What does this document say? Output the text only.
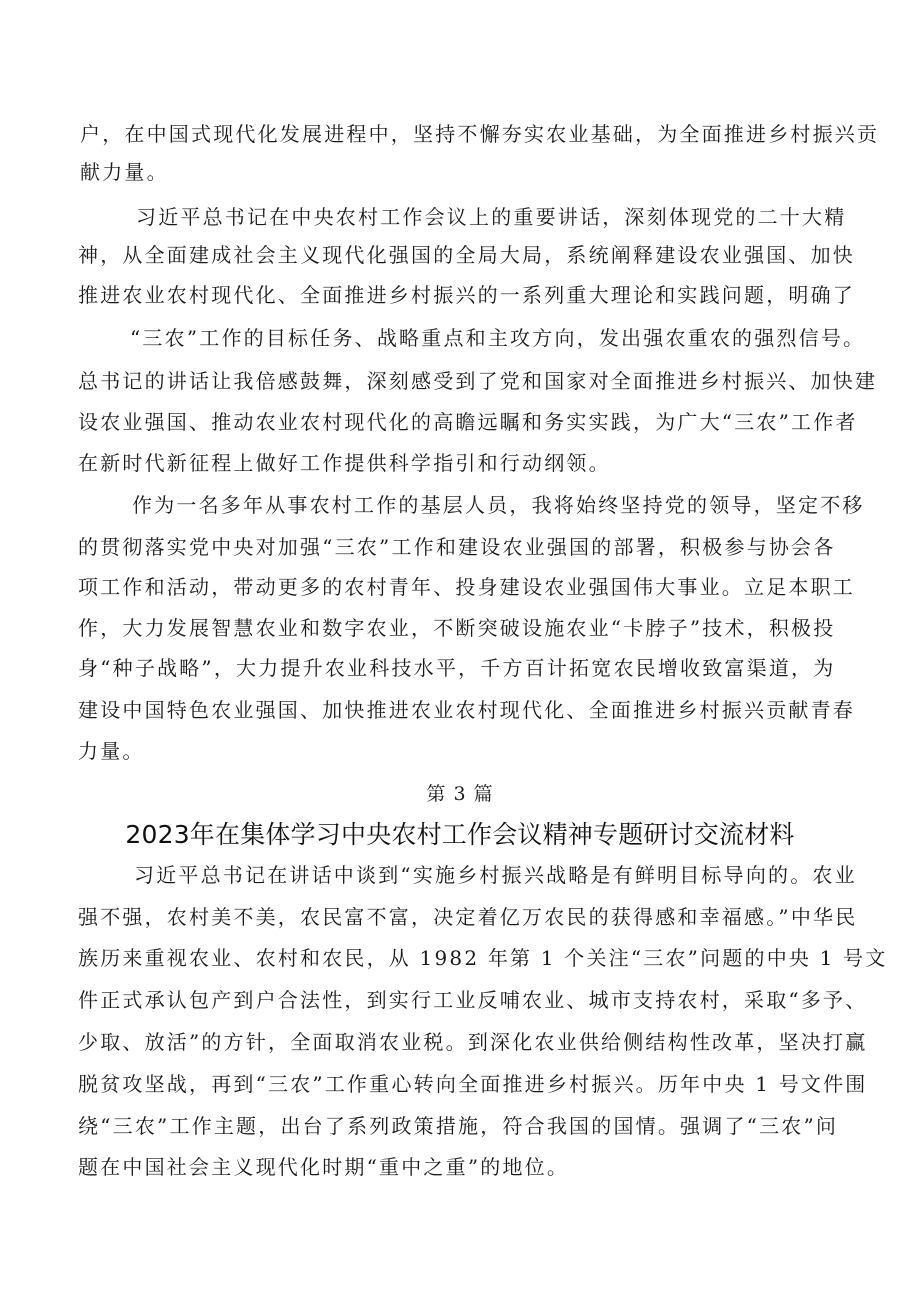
户，在中国式现代化发展进程中，坚持不懈夯实农业基础，为全面推进乡村振兴贡
献力量。
习近平总书记在中央农村工作会议上的重要讲话，深刻体现党的二十大精
神，从全面建成社会主义现代化强国的全局大局，系统阐释建设农业强国、加快
推进农业农村现代化、全面推进乡村振兴的一系列重大理论和实践问题，明确了
“三农”工作的目标任务、战略重点和主攻方向，发出强农重农的强烈信号。
总书记的讲话让我倍感鼓舞，深刻感受到了党和国家对全面推进乡村振兴、加快建
设农业强国、推动农业农村现代化的高瞻远瞩和务实实践，为广大“三农”工作者
在新时代新征程上做好工作提供科学指引和行动纲领。
作为一名多年从事农村工作的基层人员，我将始终坚持党的领导，坚定不移
的贯彻落实党中央对加强“三农”工作和建设农业强国的部署，积极参与协会各
项工作和活动，带动更多的农村青年、投身建设农业强国伟大事业。立足本职工
作，大力发展智慧农业和数字农业，不断突破设施农业“卡脖子”技术，积极投
身“种子战略”，大力提升农业科技水平，千方百计拓宽农民增收致富渠道，为
建设中国特色农业强国、加快推进农业农村现代化、全面推进乡村振兴贡献青春
力量。
第 3 篇
2023年在集体学习中央农村工作会议精神专题研讨交流材料
习近平总书记在讲话中谈到“实施乡村振兴战略是有鲜明目标导向的。农业
强不强，农村美不美，农民富不富，决定着亿万农民的获得感和幸福感。”中华民
族历来重视农业、农村和农民，从 1982 年第 1 个关注“三农”问题的中央 1 号文
件正式承认包产到户合法性，到实行工业反哺农业、城市支持农村，采取“多予、
少取、放活”的方针，全面取消农业税。到深化农业供给侧结构性改革，坚决打赢
脱贫攻坚战，再到“三农”工作重心转向全面推进乡村振兴。历年中央 1 号文件围
绕“三农”工作主题，出台了系列政策措施，符合我国的国情。强调了“三农”问
题在中国社会主义现代化时期“重中之重”的地位。
